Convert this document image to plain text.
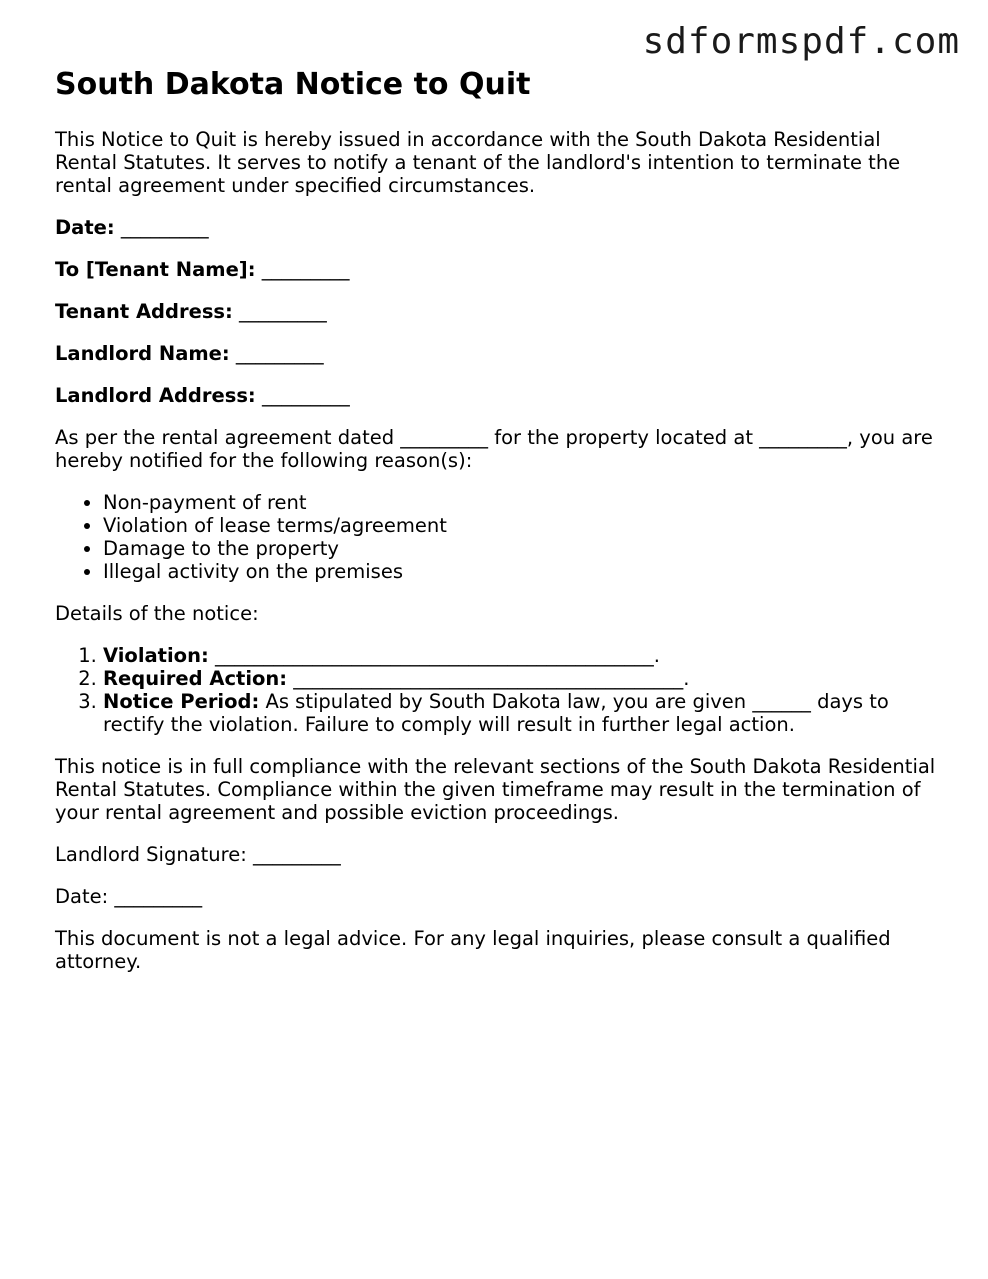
sdformspdf.com

South Dakota Notice to Quit

This Notice to Quit is hereby issued in accordance with the South Dakota Residential Rental Statutes. It serves to notify a tenant of the landlord's intention to terminate the rental agreement under specified circumstances.

Date: _________

To [Tenant Name]: _________

Tenant Address: _________

Landlord Name: _________

Landlord Address: _________

As per the rental agreement dated _________ for the property located at _________, you are hereby notified for the following reason(s):

• Non-payment of rent
• Violation of lease terms/agreement
• Damage to the property
• Illegal activity on the premises

Details of the notice:

1. Violation: _____________________________________________.
2. Required Action: ________________________________________.
3. Notice Period: As stipulated by South Dakota law, you are given ______ days to rectify the violation. Failure to comply will result in further legal action.

This notice is in full compliance with the relevant sections of the South Dakota Residential Rental Statutes. Compliance within the given timeframe may result in the termination of your rental agreement and possible eviction proceedings.

Landlord Signature: _________

Date: _________

This document is not a legal advice. For any legal inquiries, please consult a qualified attorney.
